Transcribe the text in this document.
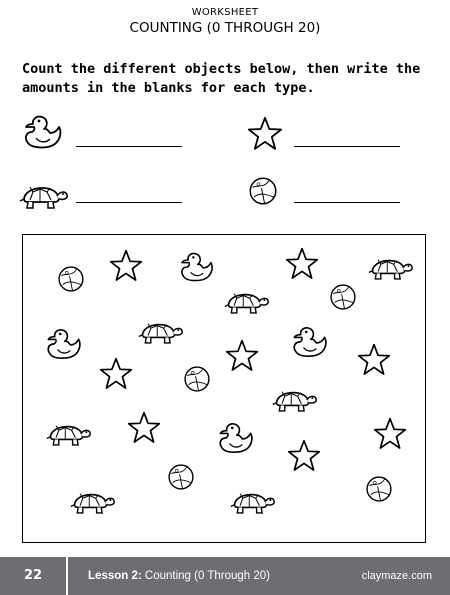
WORKSHEET
COUNTING (0 THROUGH 20)
Count the different objects below, then write the amounts in the blanks for each type.
22	Lesson 2: Counting (0 Through 20)	claymaze.com
